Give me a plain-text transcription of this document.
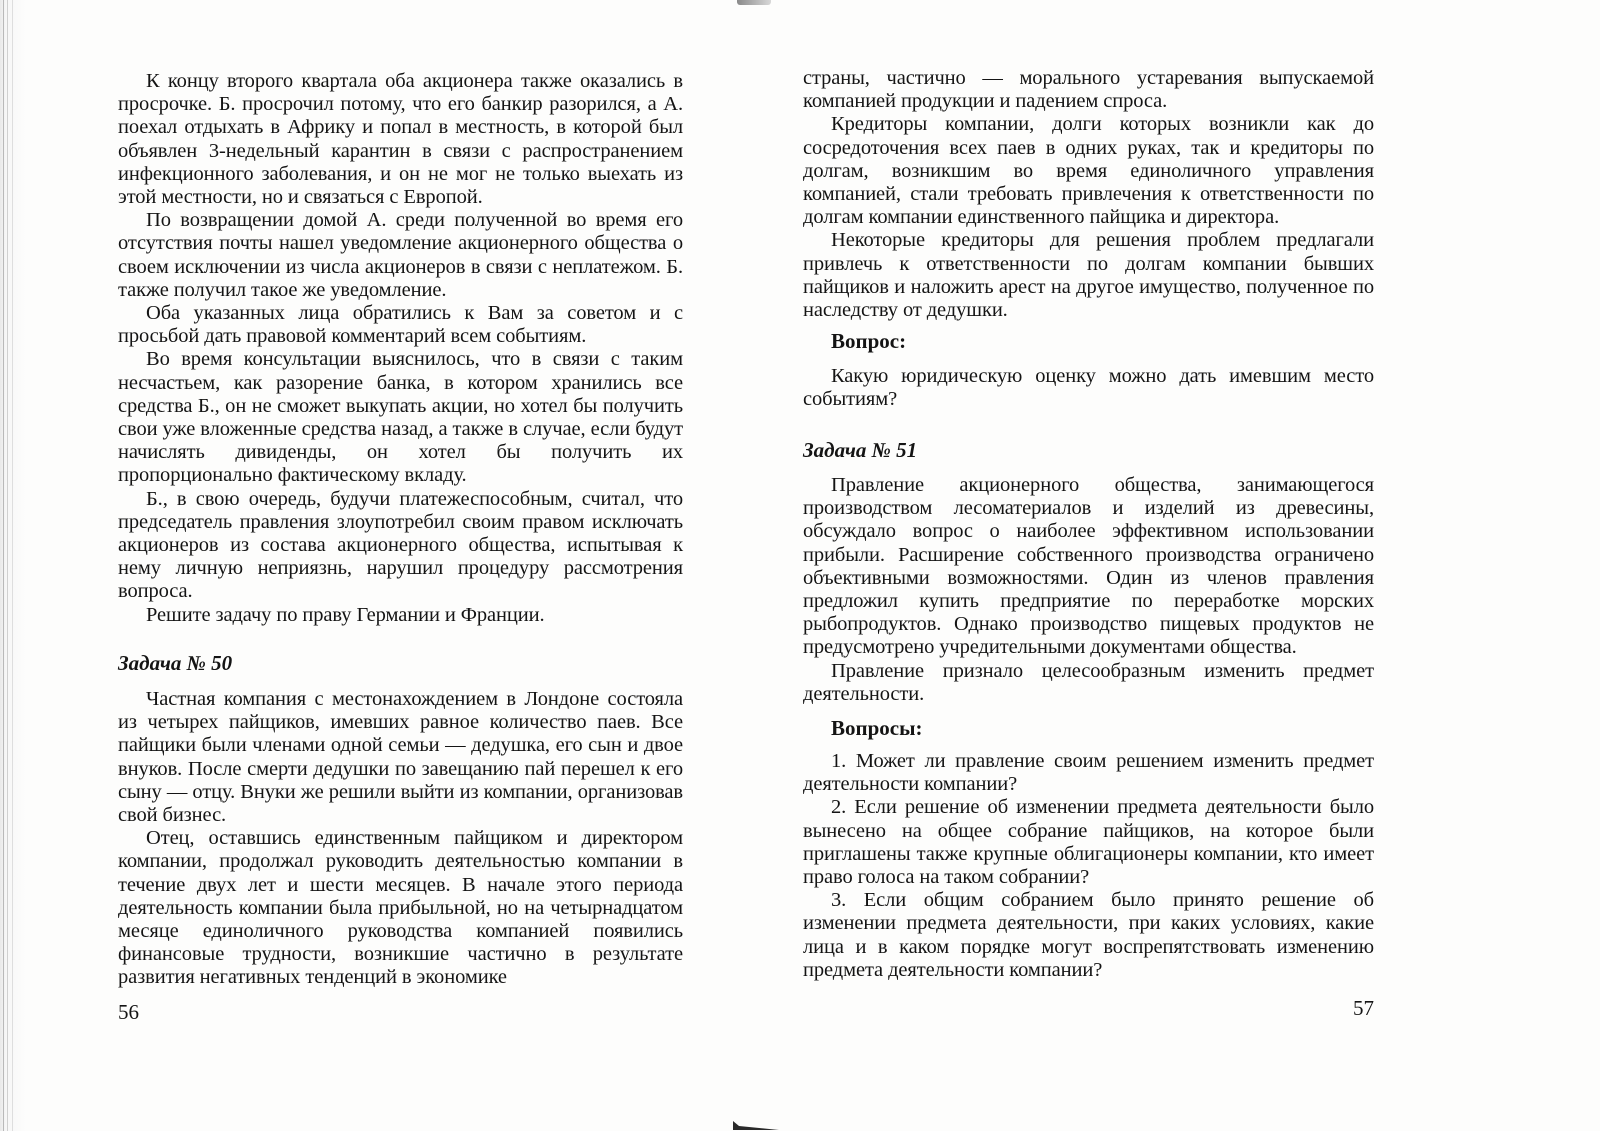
К концу второго квартала оба акционера также оказались в просрочке. Б. просрочил потому, что его банкир разорился, а А. поехал отдыхать в Африку и попал в местность, в которой был объявлен 3-недельный карантин в связи с распространением инфекционного заболевания, и он не мог не только выехать из этой местности, но и связаться с Европой.

По возвращении домой А. среди полученной во время его отсутствия почты нашел уведомление акционерного общества о своем исключении из числа акционеров в связи с неплатежом. Б. также получил такое же уведомление.

Оба указанных лица обратились к Вам за советом и с просьбой дать правовой комментарий всем событиям.

Во время консультации выяснилось, что в связи с таким несчастьем, как разорение банка, в котором хранились все средства Б., он не сможет выкупать акции, но хотел бы получить свои уже вложенные средства назад, а также в случае, если будут начислять дивиденды, он хотел бы получить их пропорционально фактическому вкладу.

Б., в свою очередь, будучи платежеспособным, считал, что председатель правления злоупотребил своим правом исключать акционеров из состава акционерного общества, испытывая к нему личную неприязнь, нарушил процедуру рассмотрения вопроса.

Решите задачу по праву Германии и Франции.

Задача № 50

Частная компания с местонахождением в Лондоне состояла из четырех пайщиков, имевших равное количество паев. Все пайщики были членами одной семьи — дедушка, его сын и двое внуков. После смерти дедушки по завещанию пай перешел к его сыну — отцу. Внуки же решили выйти из компании, организовав свой бизнес.

Отец, оставшись единственным пайщиком и директором компании, продолжал руководить деятельностью компании в течение двух лет и шести месяцев. В начале этого периода деятельность компании была прибыльной, но на четырнадцатом месяце единоличного руководства компанией появились финансовые трудности, возникшие частично в результате развития негативных тенденций в экономике

56

страны, частично — морального устаревания выпускаемой компанией продукции и падением спроса.

Кредиторы компании, долги которых возникли как до сосредоточения всех паев в одних руках, так и кредиторы по долгам, возникшим во время единоличного управления компанией, стали требовать привлечения к ответственности по долгам компании единственного пайщика и директора.

Некоторые кредиторы для решения проблем предлагали привлечь к ответственности по долгам компании бывших пайщиков и наложить арест на другое имущество, полученное по наследству от дедушки.

Вопрос:

Какую юридическую оценку можно дать имевшим место событиям?

Задача № 51

Правление акционерного общества, занимающегося производством лесоматериалов и изделий из древесины, обсуждало вопрос о наиболее эффективном использовании прибыли. Расширение собственного производства ограничено объективными возможностями. Один из членов правления предложил купить предприятие по переработке морских рыбопродуктов. Однако производство пищевых продуктов не предусмотрено учредительными документами общества.

Правление признало целесообразным изменить предмет деятельности.

Вопросы:

1. Может ли правление своим решением изменить предмет деятельности компании?

2. Если решение об изменении предмета деятельности было вынесено на общее собрание пайщиков, на которое были приглашены также крупные облигационеры компании, кто имеет право голоса на таком собрании?

3. Если общим собранием было принято решение об изменении предмета деятельности, при каких условиях, какие лица и в каком порядке могут воспрепятствовать изменению предмета деятельности компании?

57
